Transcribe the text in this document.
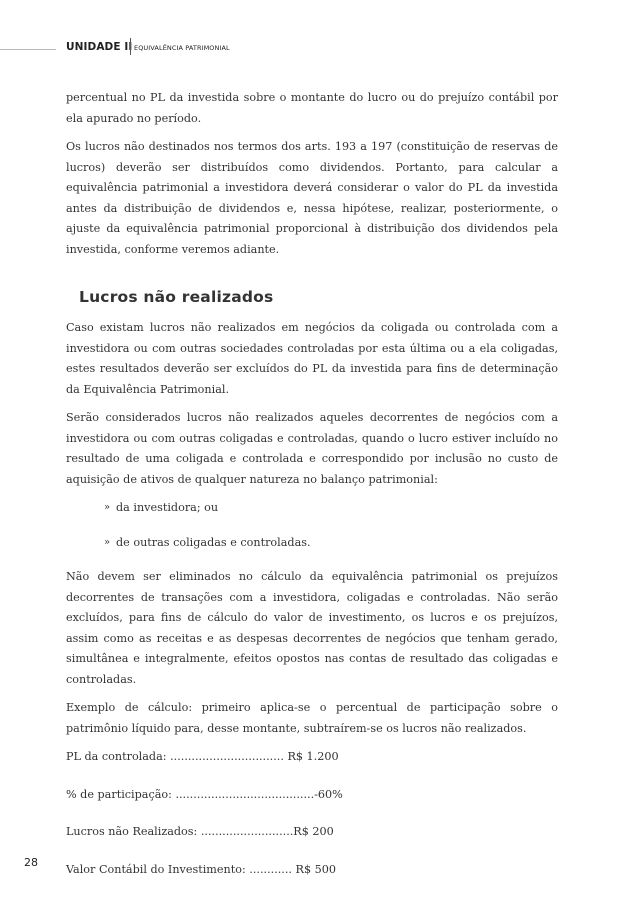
UNIDADE II EQUIVALÊNCIA PATRIMONIAL

percentual no PL da investida sobre o montante do lucro ou do prejuízo contábil por ela apurado no período.

Os lucros não destinados nos termos dos arts. 193 a 197 (constituição de reservas de lucros) deverão ser distribuídos como dividendos. Portanto, para calcular a equivalência patrimonial a investidora deverá considerar o valor do PL da investida antes da distribuição de dividendos e, nessa hipótese, realizar, posteriormente, o ajuste da equivalência patrimonial proporcional à distribuição dos dividendos pela investida, conforme veremos adiante.

Lucros não realizados

Caso existam lucros não realizados em negócios da coligada ou controlada com a investidora ou com outras sociedades controladas por esta última ou a ela coligadas, estes resultados deverão ser excluídos do PL da investida para fins de determinação da Equivalência Patrimonial.

Serão considerados lucros não realizados aqueles decorrentes de negócios com a investidora ou com outras coligadas e controladas, quando o lucro estiver incluído no resultado de uma coligada e controlada e correspondido por inclusão no custo de aquisição de ativos de qualquer natureza no balanço patrimonial:

» da investidora; ou
» de outras coligadas e controladas.

Não devem ser eliminados no cálculo da equivalência patrimonial os prejuízos decorrentes de transações com a investidora, coligadas e controladas. Não serão excluídos, para fins de cálculo do valor de investimento, os lucros e os prejuízos, assim como as receitas e as despesas decorrentes de negócios que tenham gerado, simultânea e integralmente, efeitos opostos nas contas de resultado das coligadas e controladas.

Exemplo de cálculo: primeiro aplica-se o percentual de participação sobre o patrimônio líquido para, desse montante, subtraírem-se os lucros não realizados.

PL da controlada: ................................ R$ 1.200

% de participação: .......................................-60%

Lucros não Realizados: ..........................R$ 200

Valor Contábil do Investimento: ............ R$ 500

28
